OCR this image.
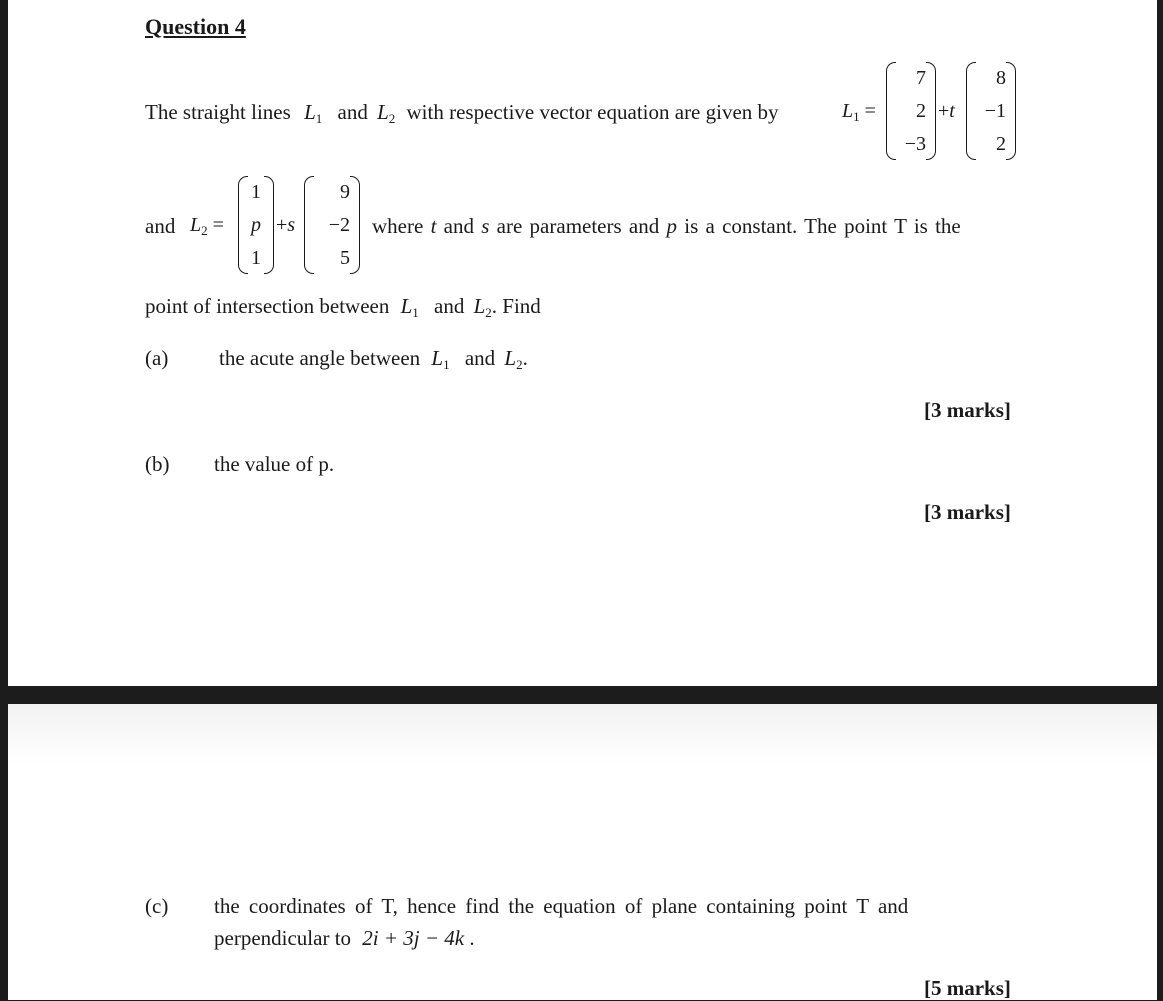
Question 4
The straight lines $L_1$ and $L_2$ with respective vector equation are given by	$L_1$ =
7
2
−3
+t
8
−1
2
and $L_2$ =
1
p
1
+s
9
−2
5
where t and s are parameters and p is a constant. The point T is the
point of intersection between $L_1$ and $L_2$. Find
(a) the acute angle between $L_1$ and $L_2$.
[3 marks]
(b) the value of p.
[3 marks]
(c) the coordinates of T, hence find the equation of plane containing point T and
perpendicular to 2i + 3j − 4k .
[5 marks]
